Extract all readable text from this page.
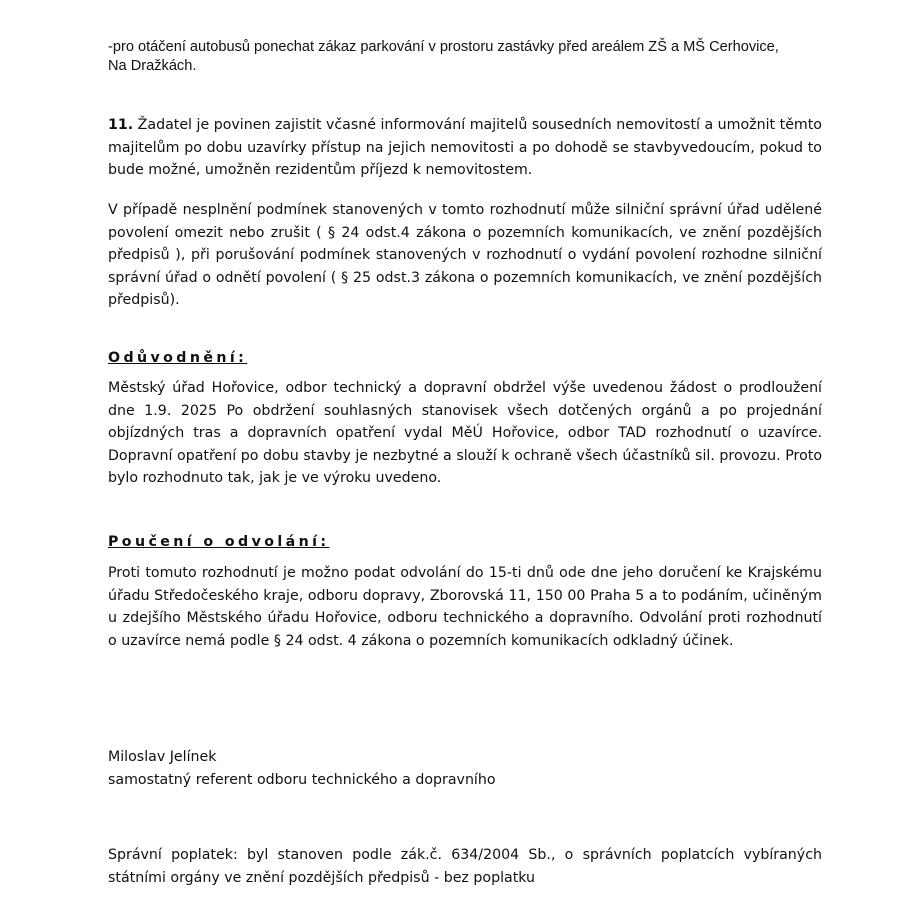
-pro otáčení autobusů ponechat zákaz parkování v prostoru zastávky před areálem ZŠ a MŠ Cerhovice,
Na Dražkách.
11. Žadatel je povinen zajistit včasné informování majitelů sousedních nemovitostí a umožnit těmto majitelům po dobu uzavírky přístup na jejich nemovitosti a po dohodě se stavbyvedoucím, pokud to bude možné, umožněn rezidentům příjezd k nemovitostem.
V případě nesplnění podmínek stanovených v tomto rozhodnutí může silniční správní úřad udělené povolení omezit nebo zrušit ( § 24 odst.4 zákona o pozemních komunikacích, ve znění pozdějších předpisů ), při porušování podmínek stanovených v rozhodnutí o vydání povolení rozhodne silniční správní úřad o odnětí povolení ( § 25 odst.3 zákona o pozemních komunikacích, ve znění pozdějších předpisů).
Odůvodnění:
Městský úřad Hořovice, odbor technický a dopravní obdržel výše uvedenou žádost o prodloužení dne 1.9. 2025 Po obdržení souhlasných stanovisek všech dotčených orgánů a po projednání objízdných tras a dopravních opatření vydal MěÚ Hořovice, odbor TAD rozhodnutí o uzavírce. Dopravní opatření po dobu stavby je nezbytné a slouží k ochraně všech účastníků sil. provozu. Proto bylo rozhodnuto tak, jak je ve výroku uvedeno.
Poučení o odvolání:
Proti tomuto rozhodnutí je možno podat odvolání do 15-ti dnů ode dne jeho doručení ke Krajskému úřadu Středočeského kraje, odboru dopravy, Zborovská 11, 150 00 Praha 5 a to podáním, učiněným u zdejšího Městského úřadu Hořovice, odboru technického a dopravního. Odvolání proti rozhodnutí o uzavírce nemá podle § 24 odst. 4 zákona o pozemních komunikacích odkladný účinek.
Miloslav Jelínek
samostatný referent odboru technického a dopravního
Správní poplatek: byl stanoven podle zák.č. 634/2004 Sb., o správních poplatcích vybíraných státními orgány ve znění pozdějších předpisů - bez poplatku
